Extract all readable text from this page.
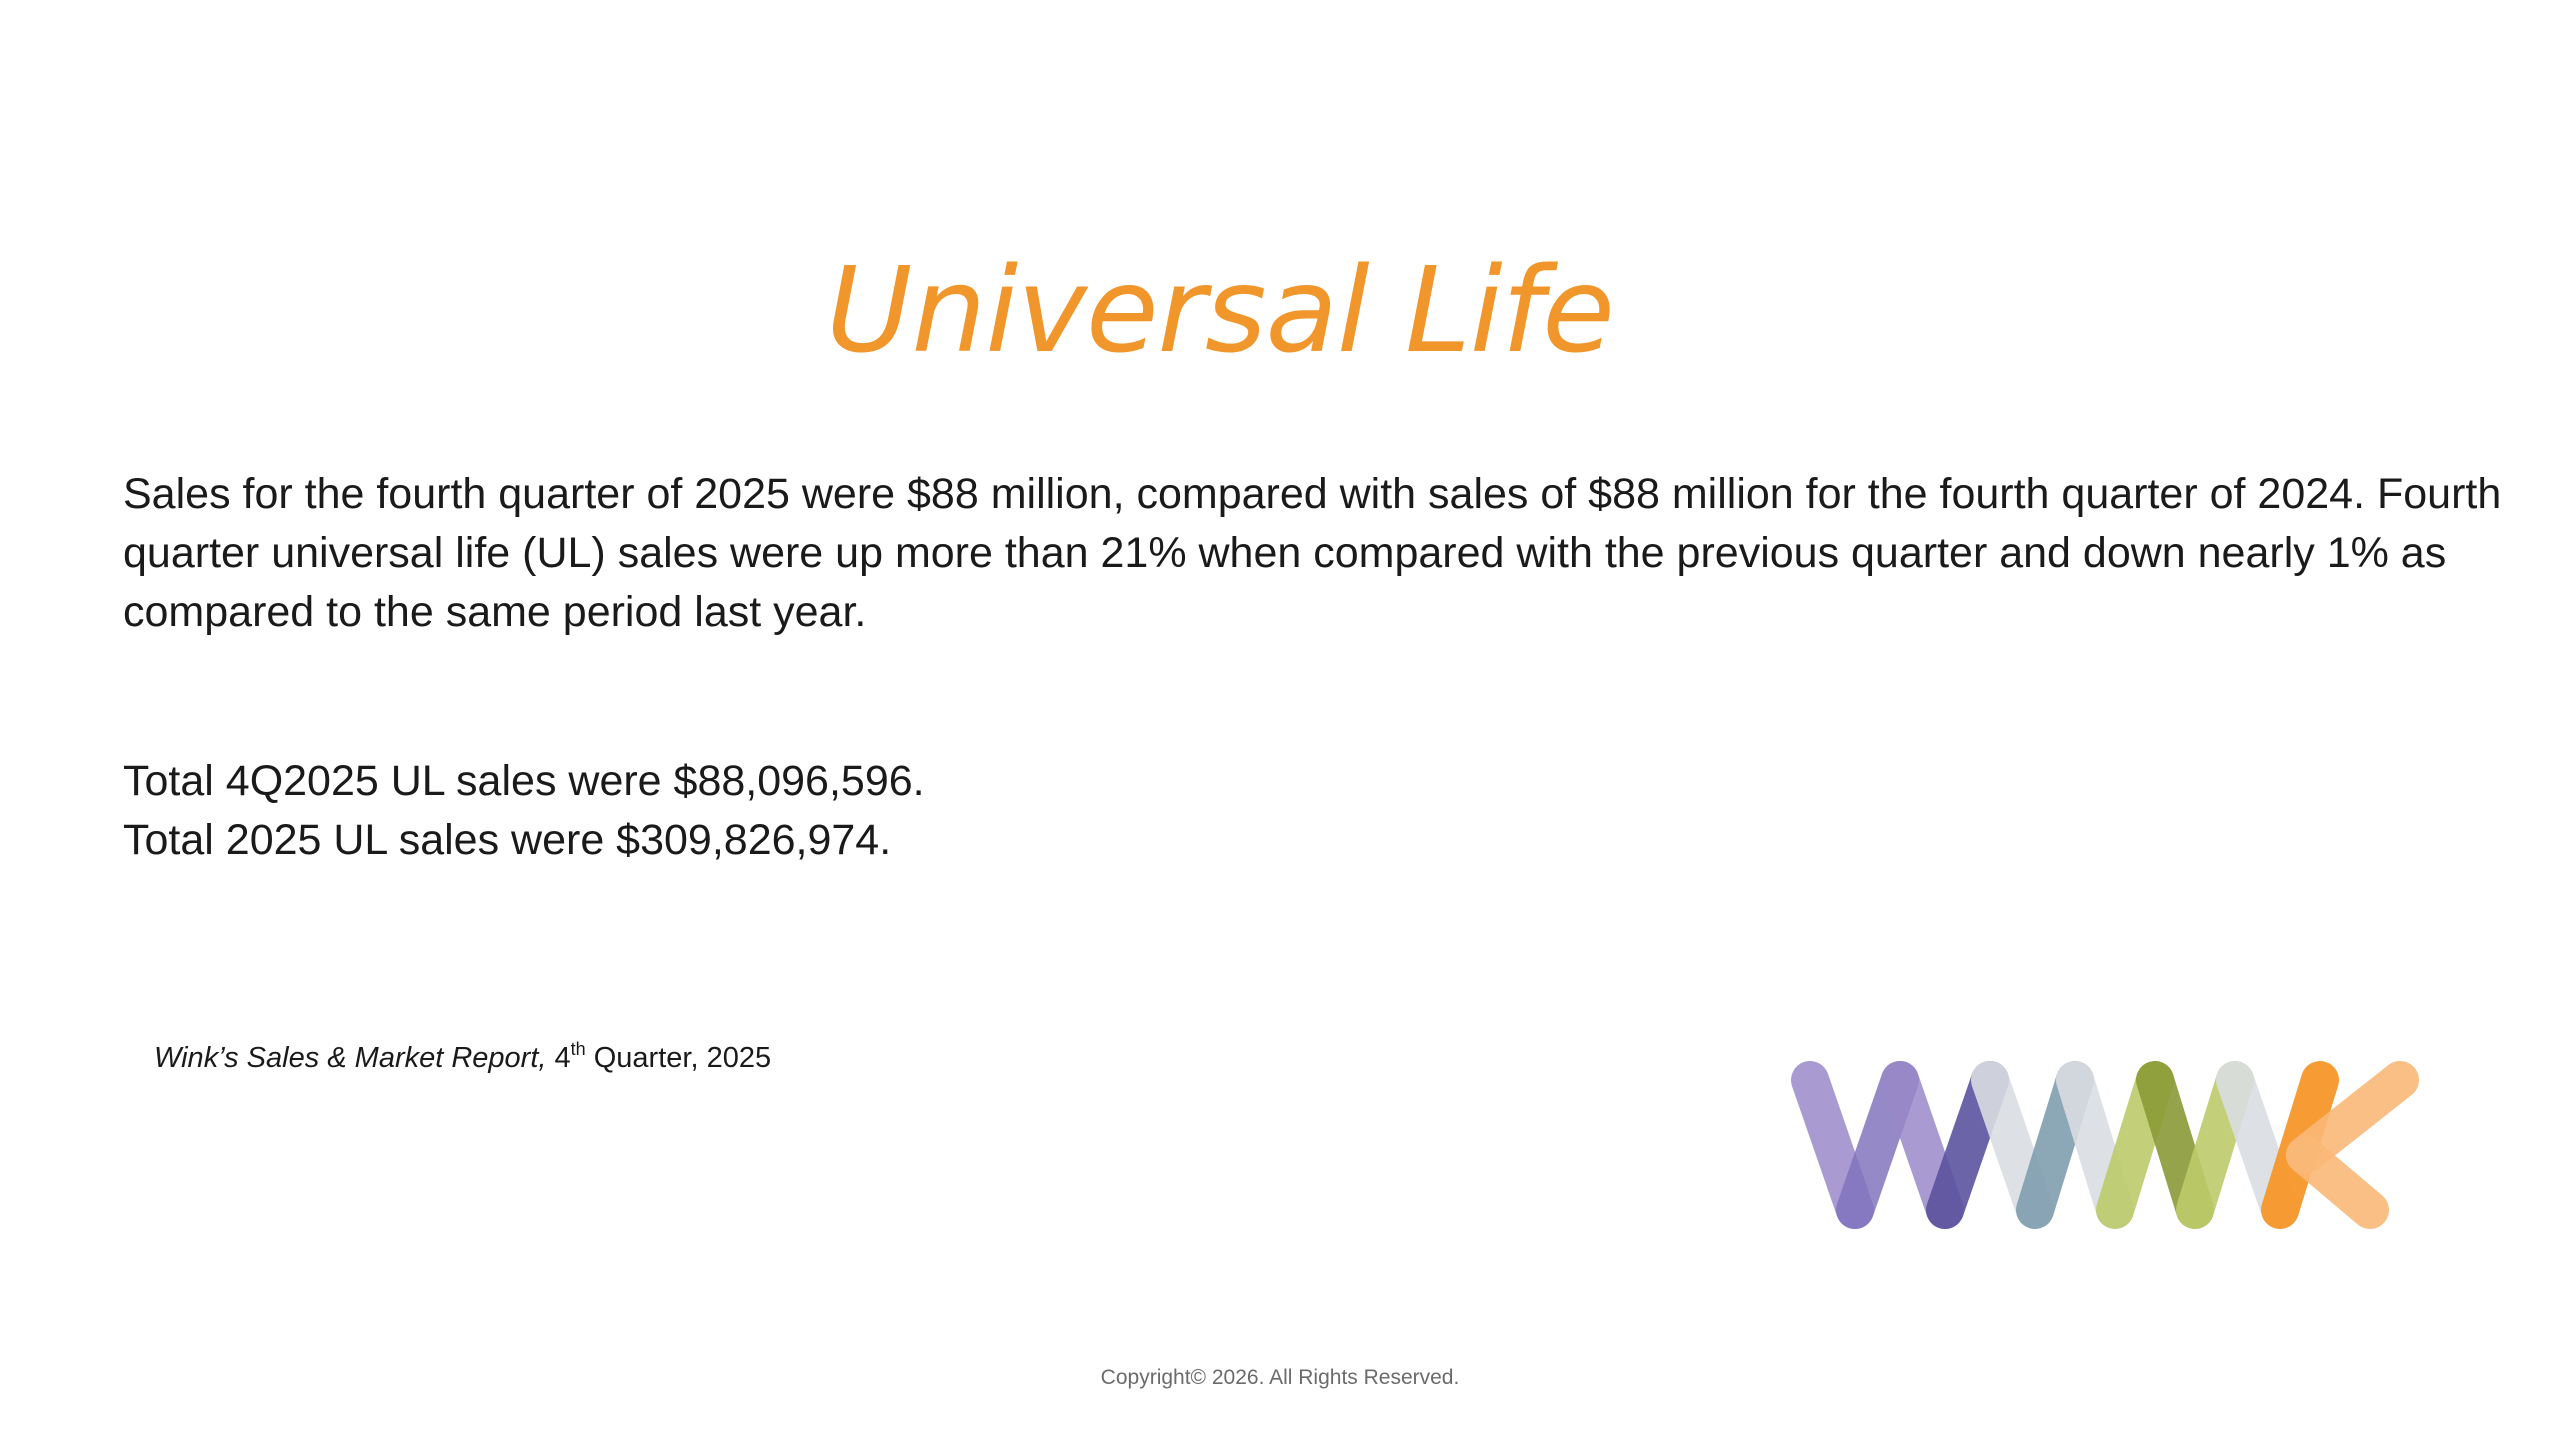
Universal Life

Sales for the fourth quarter of 2025 were $88 million, compared with sales of $88 million for the fourth quarter of 2024. Fourth quarter universal life (UL) sales were up more than 21% when compared with the previous quarter and down nearly 1% as compared to the same period last year.

Total 4Q2025 UL sales were $88,096,596.
Total 2025 UL sales were $309,826,974.
Wink’s Sales & Market Report, 4th Quarter, 2025
Copyright© 2026. All Rights Reserved.
